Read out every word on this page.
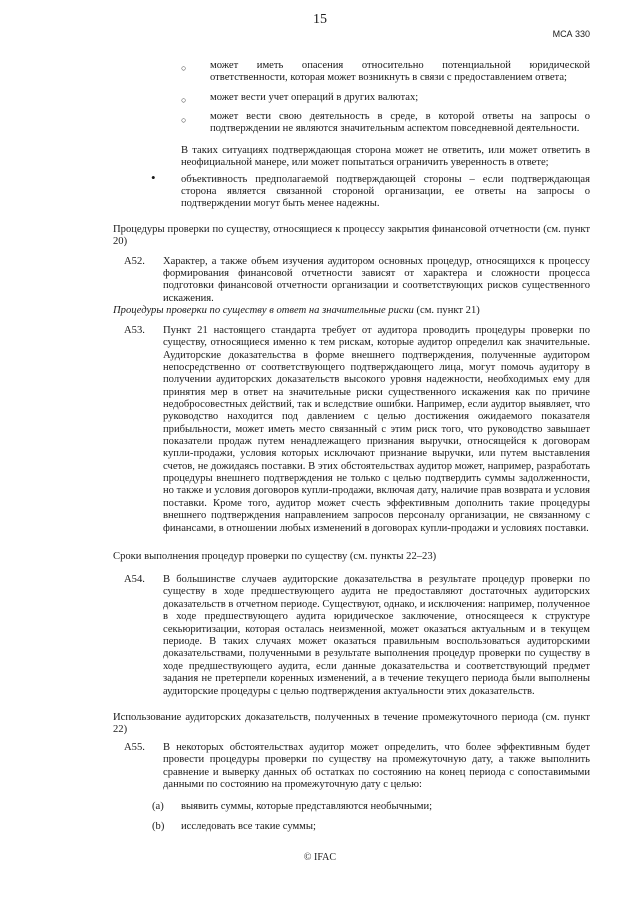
15
МСА 330
○ может иметь опасения относительно потенциальной юридической ответственности, которая может возникнуть в связи с предоставлением ответа;
○ может вести учет операций в других валютах;
○ может вести свою деятельность в среде, в которой ответы на запросы о подтверждении не являются значительным аспектом повседневной деятельности.
В таких ситуациях подтверждающая сторона может не ответить, или может ответить в неофициальной манере, или может попытаться ограничить уверенность в ответе;
• объективность предполагаемой подтверждающей стороны – если подтверждающая сторона является связанной стороной организации, ее ответы на запросы о подтверждении могут быть менее надежны.
Процедуры проверки по существу, относящиеся к процессу закрытия финансовой отчетности (см. пункт 20)
A52. Характер, а также объем изучения аудитором основных процедур, относящихся к процессу формирования финансовой отчетности зависят от характера и сложности процесса подготовки финансовой отчетности организации и соответствующих рисков существенного искажения.
Процедуры проверки по существу в ответ на значительные риски (см. пункт 21)
A53. Пункт 21 настоящего стандарта требует от аудитора проводить процедуры проверки по существу, относящиеся именно к тем рискам, которые аудитор определил как значительные. Аудиторские доказательства в форме внешнего подтверждения, полученные аудитором непосредственно от соответствующего подтверждающего лица, могут помочь аудитору в получении аудиторских доказательств высокого уровня надежности, необходимых ему для принятия мер в ответ на значительные риски существенного искажения как по причине недобросовестных действий, так и вследствие ошибки. Например, если аудитор выявляет, что руководство находится под давлением с целью достижения ожидаемого показателя прибыльности, может иметь место связанный с этим риск того, что руководство завышает показатели продаж путем ненадлежащего признания выручки, относящейся к договорам купли-продажи, условия которых исключают признание выручки, или путем выставления счетов, не дожидаясь поставки. В этих обстоятельствах аудитор может, например, разработать процедуры внешнего подтверждения не только с целью подтвердить суммы задолженности, но также и условия договоров купли-продажи, включая дату, наличие прав возврата и условия поставки. Кроме того, аудитор может счесть эффективным дополнить такие процедуры внешнего подтверждения направлением запросов персоналу организации, не связанному с финансами, в отношении любых изменений в договорах купли-продажи и условиях поставки.
Сроки выполнения процедур проверки по существу (см. пункты 22–23)
A54. В большинстве случаев аудиторские доказательства в результате процедур проверки по существу в ходе предшествующего аудита не предоставляют достаточных аудиторских доказательств в отчетном периоде. Существуют, однако, и исключения: например, полученное в ходе предшествующего аудита юридическое заключение, относящееся к структуре секьюритизации, которая осталась неизменной, может оказаться актуальным и в текущем периоде. В таких случаях может оказаться правильным воспользоваться аудиторскими доказательствами, полученными в результате выполнения процедур проверки по существу в ходе предшествующего аудита, если данные доказательства и соответствующий предмет задания не претерпели коренных изменений, а в течение текущего периода были выполнены аудиторские процедуры с целью подтверждения актуальности этих доказательств.
Использование аудиторских доказательств, полученных в течение промежуточного периода (см. пункт 22)
A55. В некоторых обстоятельствах аудитор может определить, что более эффективным будет провести процедуры проверки по существу на промежуточную дату, а также выполнить сравнение и выверку данных об остатках по состоянию на конец периода с сопоставимыми данными по состоянию на промежуточную дату с целью:
(a) выявить суммы, которые представляются необычными;
(b) исследовать все такие суммы;
© IFAC
